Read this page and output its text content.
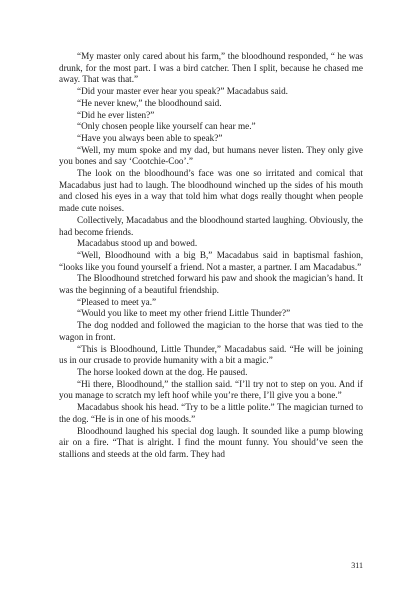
“My master only cared about his farm,” the bloodhound responded, “ he was drunk, for the most part. I was a bird catcher. Then I split, because he chased me away. That was that.”

“Did your master ever hear you speak?” Macadabus said.

“He never knew,” the bloodhound said.

“Did he ever listen?”

“Only chosen people like yourself can hear me.”

“Have you always been able to speak?”

“Well, my mum spoke and my dad, but humans never listen. They only give you bones and say ‘Cootchie-Coo’.”

The look on the bloodhound’s face was one so irritated and comical that Macadabus just had to laugh. The bloodhound winched up the sides of his mouth and closed his eyes in a way that told him what dogs really thought when people made cute noises.

Collectively, Macadabus and the bloodhound started laughing. Obviously, the had become friends.

Macadabus stood up and bowed.

“Well, Bloodhound with a big B,” Macadabus said in baptismal fashion, “looks like you found yourself a friend. Not a master, a partner. I am Macadabus.”

The Bloodhound stretched forward his paw and shook the magician’s hand. It was the beginning of a beautiful friendship.

“Pleased to meet ya.”

“Would you like to meet my other friend Little Thunder?”

The dog nodded and followed the magician to the horse that was tied to the wagon in front.

“This is Bloodhound, Little Thunder,” Macadabus said. “He will be joining us in our crusade to provide humanity with a bit a magic.”

The horse looked down at the dog. He paused.

“Hi there, Bloodhound,” the stallion said. “I’ll try not to step on you. And if you manage to scratch my left hoof while you’re there, I’ll give you a bone.”

Macadabus shook his head. “Try to be a little polite.” The magician turned to the dog. “He is in one of his moods.”

Bloodhound laughed his special dog laugh. It sounded like a pump blowing air on a fire. “That is alright. I find the mount funny. You should’ve seen the stallions and steeds at the old farm. They had

311
